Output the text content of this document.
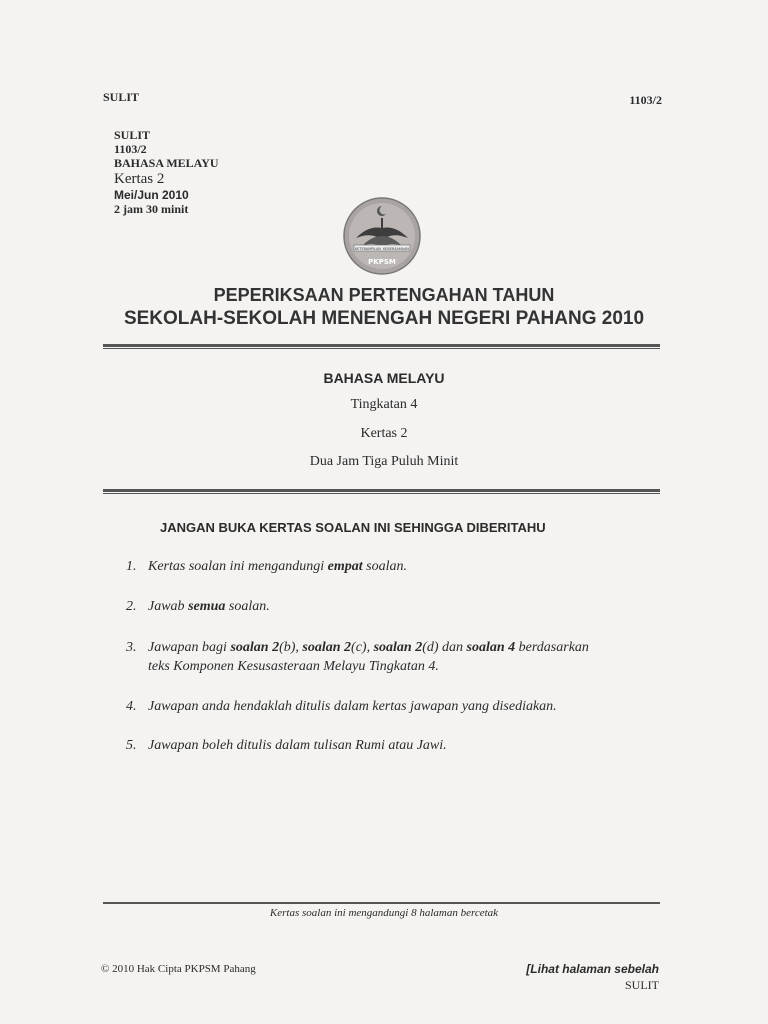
SULIT	1103/2
SULIT
1103/2
BAHASA MELAYU
Kertas 2
Mei/Jun 2010
2 jam 30 minit
KETERAMPILAN KEBERSAMAAN
PKPSM
PEPERIKSAAN PERTENGAHAN TAHUN
SEKOLAH-SEKOLAH MENENGAH NEGERI PAHANG 2010
BAHASA MELAYU
Tingkatan 4
Kertas 2
Dua Jam Tiga Puluh Minit
JANGAN BUKA KERTAS SOALAN INI SEHINGGA DIBERITAHU
1. Kertas soalan ini mengandungi empat soalan.
2. Jawab semua soalan.
3. Jawapan bagi soalan 2(b), soalan 2(c), soalan 2(d) dan soalan 4 berdasarkan
teks Komponen Kesusasteraan Melayu Tingkatan 4.
4. Jawapan anda hendaklah ditulis dalam kertas jawapan yang disediakan.
5. Jawapan boleh ditulis dalam tulisan Rumi atau Jawi.
Kertas soalan ini mengandungi 8 halaman bercetak
© 2010 Hak Cipta PKPSM Pahang	[Lihat halaman sebelah
SULIT
